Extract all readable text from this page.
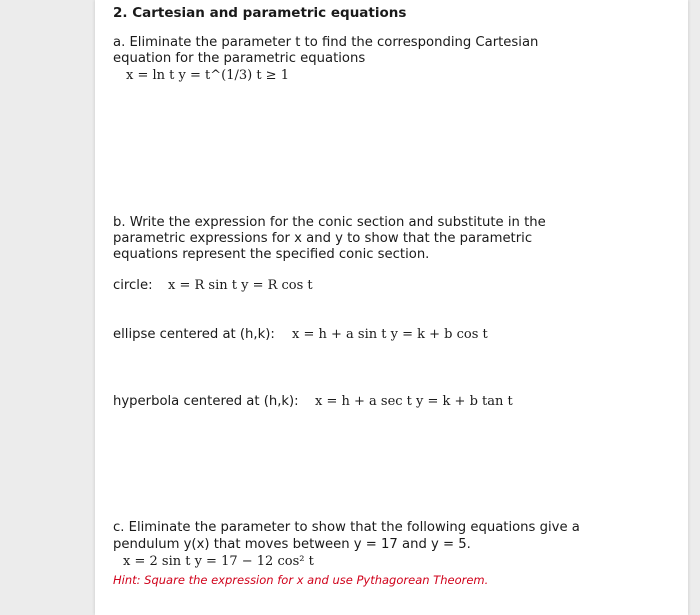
2. Cartesian and parametric equations
a. Eliminate the parameter t to find the corresponding Cartesian
equation for the parametric equations
x = ln t y = t^(1/3) t ≥ 1
b. Write the expression for the conic section and substitute in the
parametric expressions for x and y to show that the parametric
equations represent the specified conic section.
circle: x = R sin t y = R cos t
ellipse centered at (h,k): x = h + a sin t y = k + b cos t
hyperbola centered at (h,k): x = h + a sec t y = k + b tan t
c. Eliminate the parameter to show that the following equations give a
pendulum y(x) that moves between y = 17 and y = 5.
x = 2 sin t y = 17 − 12 cos² t
Hint: Square the expression for x and use Pythagorean Theorem.
